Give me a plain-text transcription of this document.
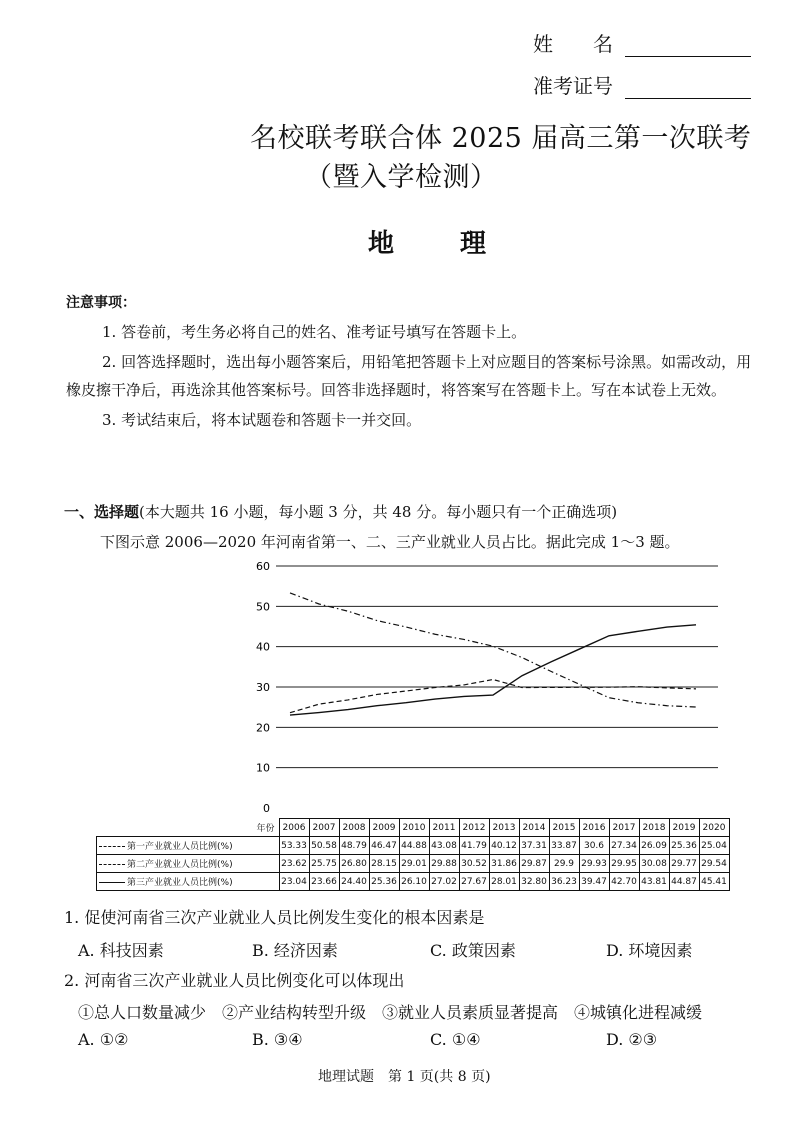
姓　　名
准考证号
名校联考联合体 2025 届高三第一次联考
（暨入学检测）
地　理
注意事项：
1. 答卷前，考生务必将自己的姓名、准考证号填写在答题卡上。
2. 回答选择题时，选出每小题答案后，用铅笔把答题卡上对应题目的答案标号涂黑。如需改动，用橡皮擦干净后，再选涂其他答案标号。回答非选择题时，将答案写在答题卡上。写在本试卷上无效。
3. 考试结束后，将本试题卷和答题卡一并交回。
一、选择题(本大题共 16 小题，每小题 3 分，共 48 分。每小题只有一个正确选项)
下图示意 2006—2020 年河南省第一、二、三产业就业人员占比。据此完成 1～3 题。
0
10
20
30
40
50
60
年份	2006	2007	2008	2009	2010	2011	2012	2013	2014	2015	2016	2017	2018	2019	2020
第一产业就业人员比例(%)	53.33	50.58	48.79	46.47	44.88	43.08	41.79	40.12	37.31	33.87	30.6	27.34	26.09	25.36	25.04
第二产业就业人员比例(%)	23.62	25.75	26.80	28.15	29.01	29.88	30.52	31.86	29.87	29.9	29.93	29.95	30.08	29.77	29.54
第三产业就业人员比例(%)	23.04	23.66	24.40	25.36	26.10	27.02	27.67	28.01	32.80	36.23	39.47	42.70	43.81	44.87	45.41
1. 促使河南省三次产业就业人员比例发生变化的根本因素是
A. 科技因素	B. 经济因素	C. 政策因素	D. 环境因素
2. 河南省三次产业就业人员比例变化可以体现出
①总人口数量减少　②产业结构转型升级　③就业人员素质显著提高　④城镇化进程减缓
A. ①②	B. ③④	C. ①④	D. ②③
地理试题　第 1 页(共 8 页)
